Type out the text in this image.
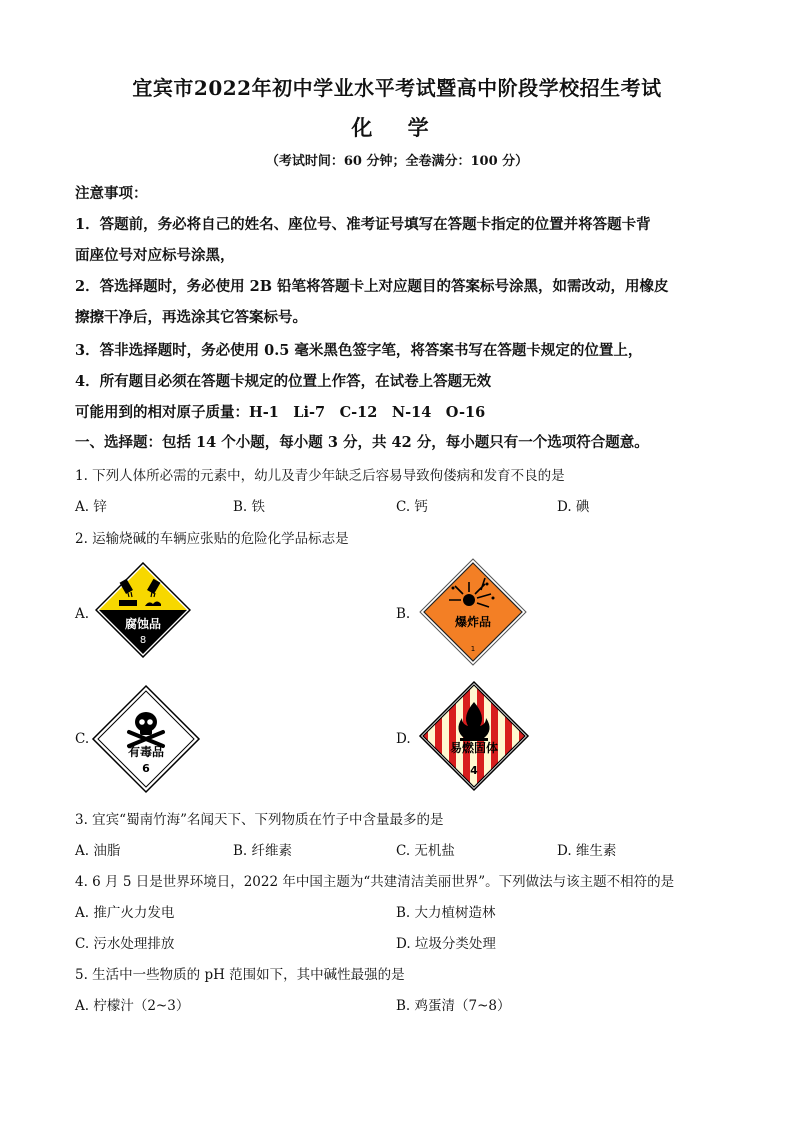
宜宾市2022年初中学业水平考试暨高中阶段学校招生考试
化 学
（考试时间：60 分钟；全卷满分：100 分）
注意事项：
1．答题前，务必将自己的姓名、座位号、准考证号填写在答题卡指定的位置并将答题卡背
面座位号对应标号涂黑，
2．答选择题时，务必使用 2B 铅笔将答题卡上对应题目的答案标号涂黑，如需改动，用橡皮
擦擦干净后，再选涂其它答案标号。
3．答非选择题时，务必使用 0.5 毫米黑色签字笔，将答案书写在答题卡规定的位置上，
4．所有题目必须在答题卡规定的位置上作答，在试卷上答题无效
可能用到的相对原子质量：H-1　Li-7　C-12　N-14　O-16
一、选择题：包括 14 个小题，每小题 3 分，共 42 分，每小题只有一个选项符合题意。
1. 下列人体所必需的元素中，幼儿及青少年缺乏后容易导致佝偻病和发育不良的是
A. 锌	B. 铁	C. 钙	D. 碘
2. 运输烧碱的车辆应张贴的危险化学品标志是
A.	B.
C.	D.
腐蚀品
8
爆炸品
1
有毒品
6
易燃固体
4
3. 宜宾“蜀南竹海”名闻天下、下列物质在竹子中含量最多的是
A. 油脂	B. 纤维素	C. 无机盐	D. 维生素
4. 6 月 5 日是世界环境日，2022 年中国主题为“共建清洁美丽世界”。下列做法与该主题不相符的是
A. 推广火力发电	B. 大力植树造林
C. 污水处理排放	D. 垃圾分类处理
5. 生活中一些物质的 pH 范围如下，其中碱性最强的是
A. 柠檬汁（2~3）	B. 鸡蛋清（7~8）
